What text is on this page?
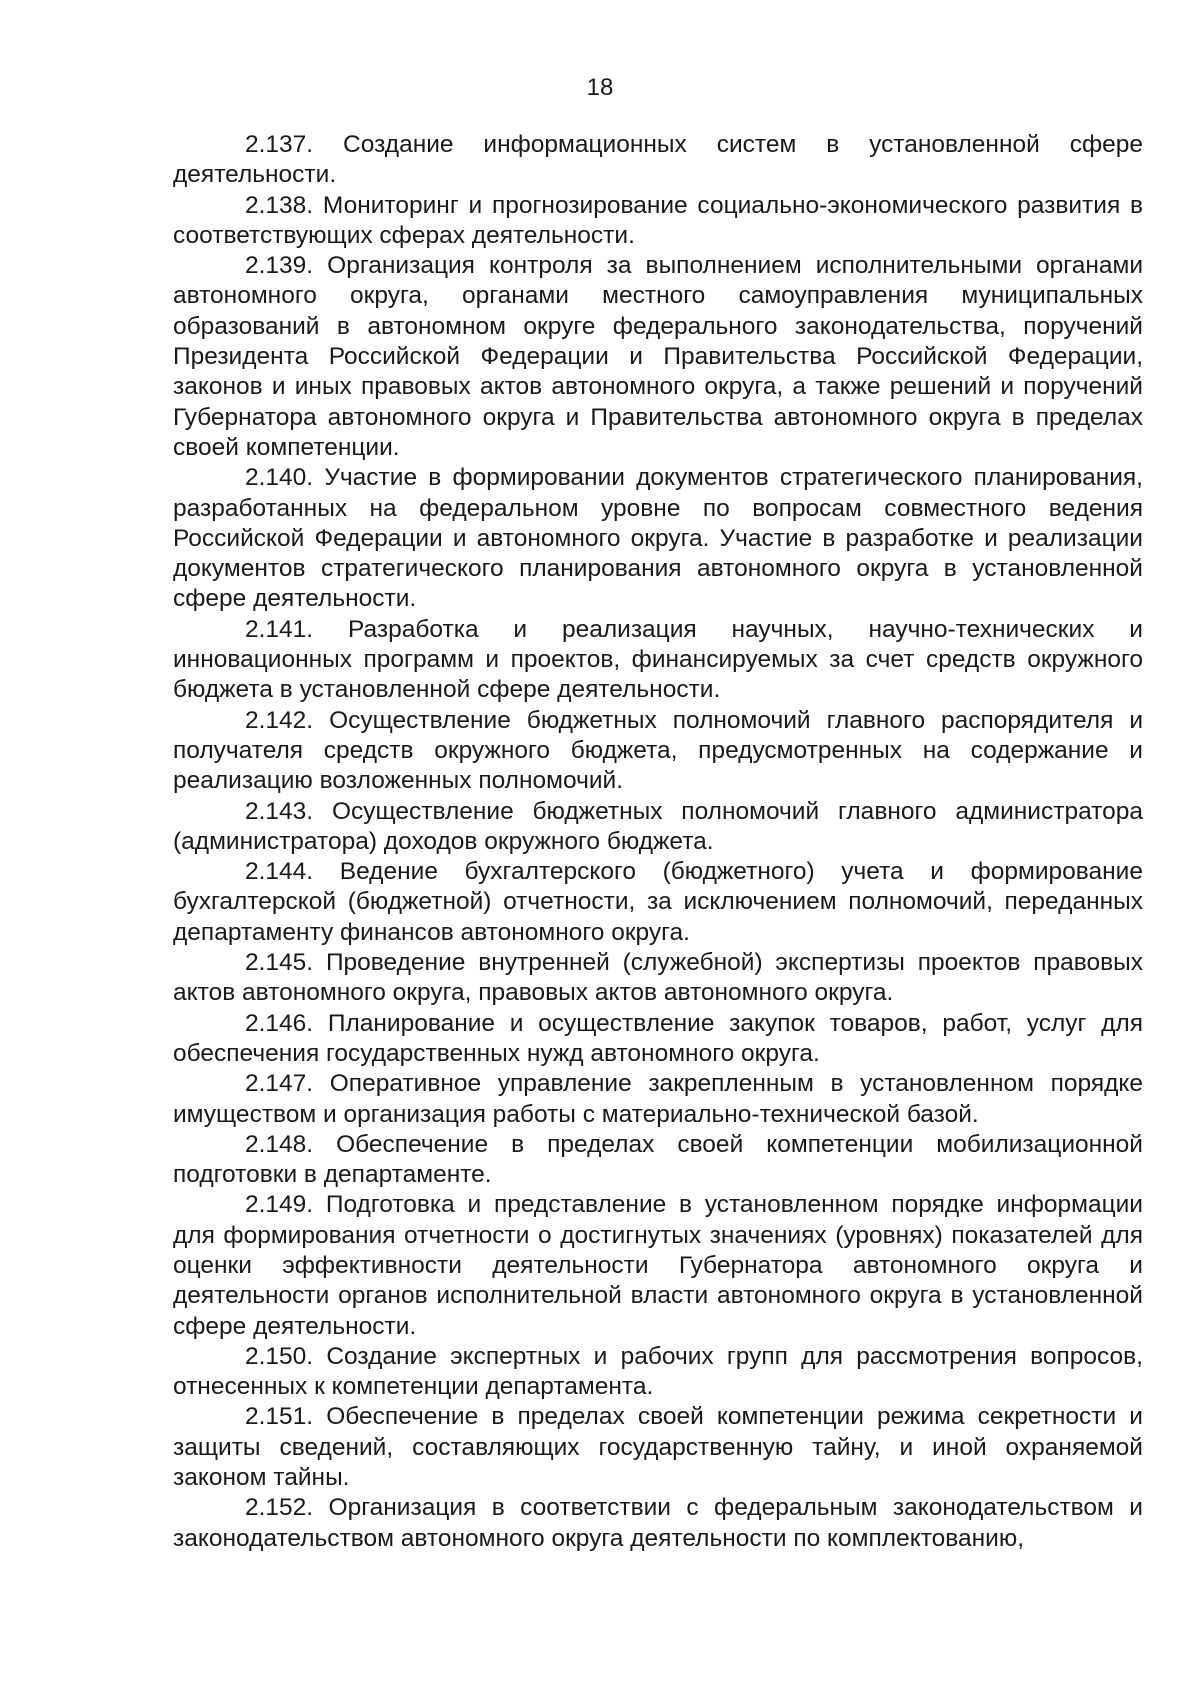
18

2.137. Создание информационных систем в установленной сфере деятельности.

2.138. Мониторинг и прогнозирование социально-экономического развития в соответствующих сферах деятельности.

2.139. Организация контроля за выполнением исполнительными органами автономного округа, органами местного самоуправления муниципальных образований в автономном округе федерального законодательства, поручений Президента Российской Федерации и Правительства Российской Федерации, законов и иных правовых актов автономного округа, а также решений и поручений Губернатора автономного округа и Правительства автономного округа в пределах своей компетенции.

2.140. Участие в формировании документов стратегического планирования, разработанных на федеральном уровне по вопросам совместного ведения Российской Федерации и автономного округа. Участие в разработке и реализации документов стратегического планирования автономного округа в установленной сфере деятельности.

2.141. Разработка и реализация научных, научно-технических и инновационных программ и проектов, финансируемых за счет средств окружного бюджета в установленной сфере деятельности.

2.142. Осуществление бюджетных полномочий главного распорядителя и получателя средств окружного бюджета, предусмотренных на содержание и реализацию возложенных полномочий.

2.143. Осуществление бюджетных полномочий главного администратора (администратора) доходов окружного бюджета.

2.144. Ведение бухгалтерского (бюджетного) учета и формирование бухгалтерской (бюджетной) отчетности, за исключением полномочий, переданных департаменту финансов автономного округа.

2.145. Проведение внутренней (служебной) экспертизы проектов правовых актов автономного округа, правовых актов автономного округа.

2.146. Планирование и осуществление закупок товаров, работ, услуг для обеспечения государственных нужд автономного округа.

2.147. Оперативное управление закрепленным в установленном порядке имуществом и организация работы с материально-технической базой.

2.148. Обеспечение в пределах своей компетенции мобилизационной подготовки в департаменте.

2.149. Подготовка и представление в установленном порядке информации для формирования отчетности о достигнутых значениях (уровнях) показателей для оценки эффективности деятельности Губернатора автономного округа и деятельности органов исполнительной власти автономного округа в установленной сфере деятельности.

2.150. Создание экспертных и рабочих групп для рассмотрения вопросов, отнесенных к компетенции департамента.

2.151. Обеспечение в пределах своей компетенции режима секретности и защиты сведений, составляющих государственную тайну, и иной охраняемой законом тайны.

2.152. Организация в соответствии с федеральным законодательством и законодательством автономного округа деятельности по комплектованию,
